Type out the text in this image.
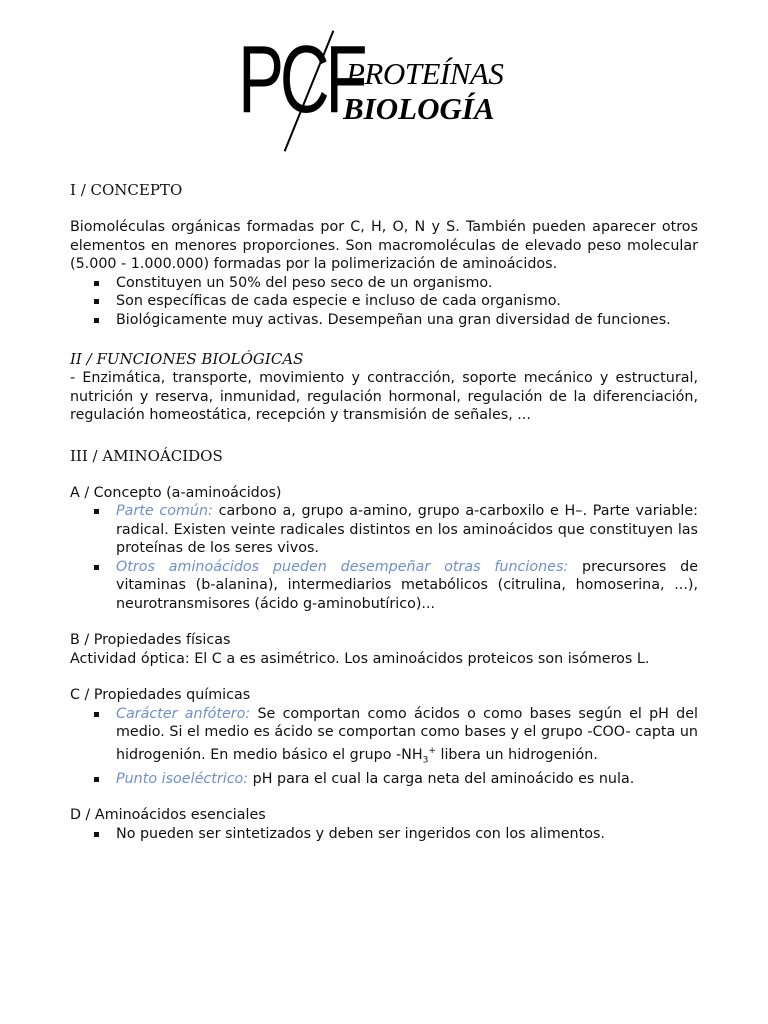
PCF
PROTEÍNAS
BIOLOGÍA
I / CONCEPTO

Biomoléculas orgánicas formadas por C, H, O, N y S. También pueden aparecer otros elementos en menores proporciones. Son macromoléculas de elevado peso molecular (5.000 - 1.000.000) formadas por la polimerización de aminoácidos.

Constituyen un 50% del peso seco de un organismo.
Son específicas de cada especie e incluso de cada organismo.
Biológicamente muy activas. Desempeñan una gran diversidad de funciones.
II / FUNCIONES BIOLÓGICAS

- Enzimática, transporte, movimiento y contracción, soporte mecánico y estructural, nutrición y reserva, inmunidad, regulación hormonal, regulación de la diferenciación, regulación homeostática, recepción y transmisión de señales, ...

III / AMINOÁCIDOS
A / Concepto (a-aminoácidos)
Parte común: carbono a, grupo a-amino, grupo a-carboxilo e H–. Parte variable: radical. Existen veinte radicales distintos en los aminoácidos que constituyen las proteínas de los seres vivos.
Otros aminoácidos pueden desempeñar otras funciones: precursores de vitaminas (b-alanina), intermediarios metabólicos (citrulina, homoserina, ...), neurotransmisores (ácido g-aminobutírico)...
B / Propiedades físicas

Actividad óptica: El C a es asimétrico. Los aminoácidos proteicos son isómeros L.

C / Propiedades químicas
Carácter anfótero: Se comportan como ácidos o como bases según el pH del medio. Si el medio es ácido se comportan como bases y el grupo -COO- capta un hidrogenión. En medio básico el grupo $-NH_3^+$ libera un hidrogenión.
Punto isoeléctrico: pH para el cual la carga neta del aminoácido es nula.
D / Aminoácidos esenciales
No pueden ser sintetizados y deben ser ingeridos con los alimentos.
